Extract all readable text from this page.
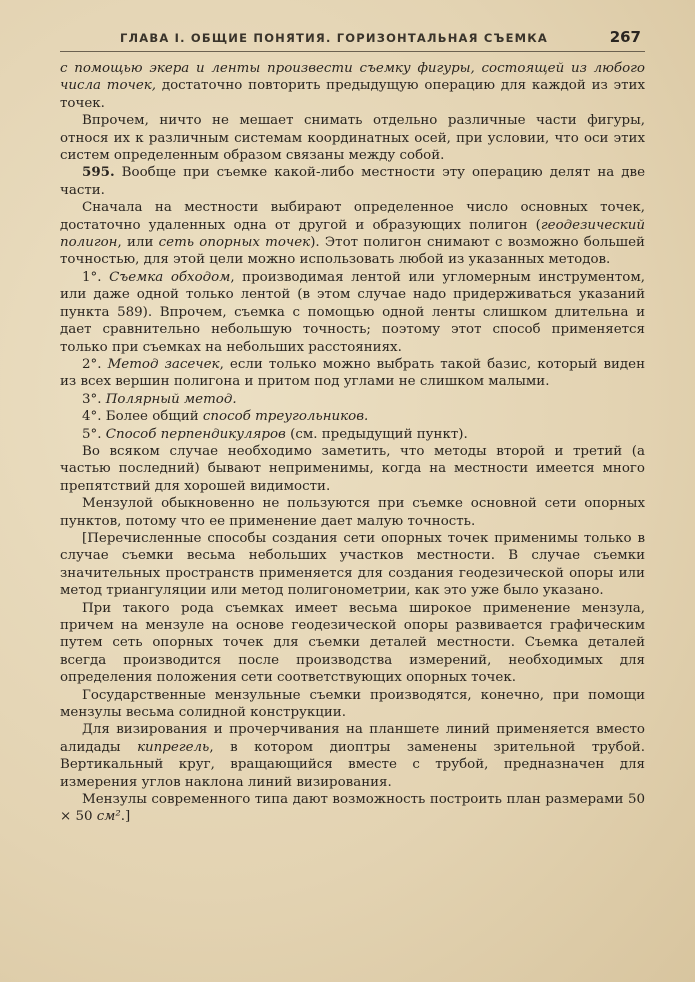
ГЛАВА I. ОБЩИЕ ПОНЯТИЯ. ГОРИЗОНТАЛЬНАЯ СЪЕМКА	267

с помощью экера и ленты произвести съемку фигуры, состоящей из любого числа точек, достаточно повторить предыдущую операцию для каждой из этих точек.

Впрочем, ничто не мешает снимать отдельно различные части фигуры, относя их к различным системам координатных осей, при условии, что оси этих систем определенным образом связаны между собой.

595. Вообще при съемке какой-либо местности эту операцию делят на две части.

Сначала на местности выбирают определенное число основных точек, достаточно удаленных одна от другой и образующих полигон (геодезический полигон, или сеть опорных точек). Этот полигон снимают с возможно большей точностью, для этой цели можно использовать любой из указанных методов.

1°. Съемка обходом, производимая лентой или угломерным инструментом, или даже одной только лентой (в этом случае надо придерживаться указаний пункта 589). Впрочем, съемка с помощью одной ленты слишком длительна и дает сравнительно небольшую точность; поэтому этот способ применяется только при съемках на небольших расстояниях.

2°. Метод засечек, если только можно выбрать такой базис, который виден из всех вершин полигона и притом под углами не слишком малыми.

3°. Полярный метод.

4°. Более общий способ треугольников.

5°. Способ перпендикуляров (см. предыдущий пункт).

Во всяком случае необходимо заметить, что методы второй и третий (а частью последний) бывают неприменимы, когда на местности имеется много препятствий для хорошей видимости.

Мензулой обыкновенно не пользуются при съемке основной сети опорных пунктов, потому что ее применение дает малую точность.

[Перечисленные способы создания сети опорных точек применимы только в случае съемки весьма небольших участков местности. В случае съемки значительных пространств применяется для создания геодезической опоры или метод триангуляции или метод полигонометрии, как это уже было указано.

При такого рода съемках имеет весьма широкое применение мензула, причем на мензуле на основе геодезической опоры развивается графическим путем сеть опорных точек для съемки деталей местности. Съемка деталей всегда производится после производства измерений, необходимых для определения положения сети соответствующих опорных точек.

Государственные мензульные съемки производятся, конечно, при помощи мензулы весьма солидной конструкции.

Для визирования и прочерчивания на планшете линий применяется вместо алидады кипрегель, в котором диоптры заменены зрительной трубой. Вертикальный круг, вращающийся вместе с трубой, предназначен для измерения углов наклона линий визирования.

Мензулы современного типа дают возможность построить план размерами 50 × 50 см².]
